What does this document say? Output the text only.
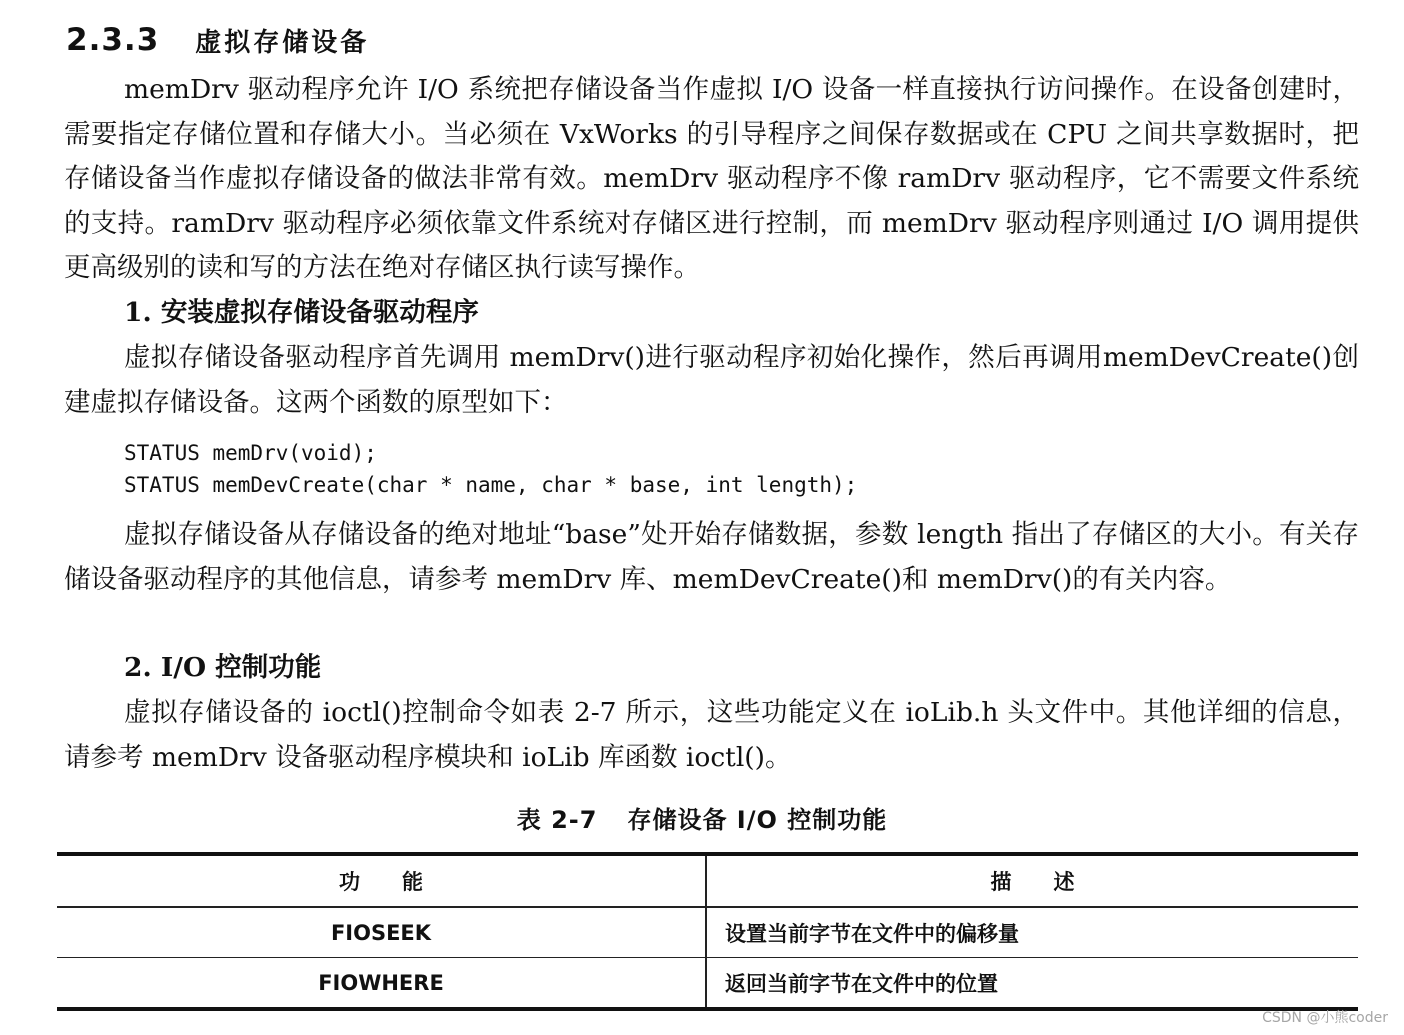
2.3.3 虚拟存储设备

memDrv 驱动程序允许 I/O 系统把存储设备当作虚拟 I/O 设备一样直接执行访问操作。在设备创建时，需要指定存储位置和存储大小。当必须在 VxWorks 的引导程序之间保存数据或在 CPU 之间共享数据时，把存储设备当作虚拟存储设备的做法非常有效。memDrv 驱动程序不像 ramDrv 驱动程序，它不需要文件系统的支持。ramDrv 驱动程序必须依靠文件系统对存储区进行控制，而 memDrv 驱动程序则通过 I/O 调用提供更高级别的读和写的方法在绝对存储区执行读写操作。

1. 安装虚拟存储设备驱动程序

虚拟存储设备驱动程序首先调用 memDrv()进行驱动程序初始化操作，然后再调用memDevCreate()创建虚拟存储设备。这两个函数的原型如下：

STATUS memDrv(void);
STATUS memDevCreate(char * name, char * base, int length);

虚拟存储设备从存储设备的绝对地址“base”处开始存储数据，参数 length 指出了存储区的大小。有关存储设备驱动程序的其他信息，请参考 memDrv 库、memDevCreate()和 memDrv()的有关内容。

2. I/O 控制功能

虚拟存储设备的 ioctl()控制命令如表 2-7 所示，这些功能定义在 ioLib.h 头文件中。其他详细的信息，请参考 memDrv 设备驱动程序模块和 ioLib 库函数 ioctl()。

表 2-7 存储设备 I/O 控制功能
功　　能	描　　述
FIOSEEK	设置当前字节在文件中的偏移量
FIOWHERE	返回当前字节在文件中的位置
CSDN @小熊coder
